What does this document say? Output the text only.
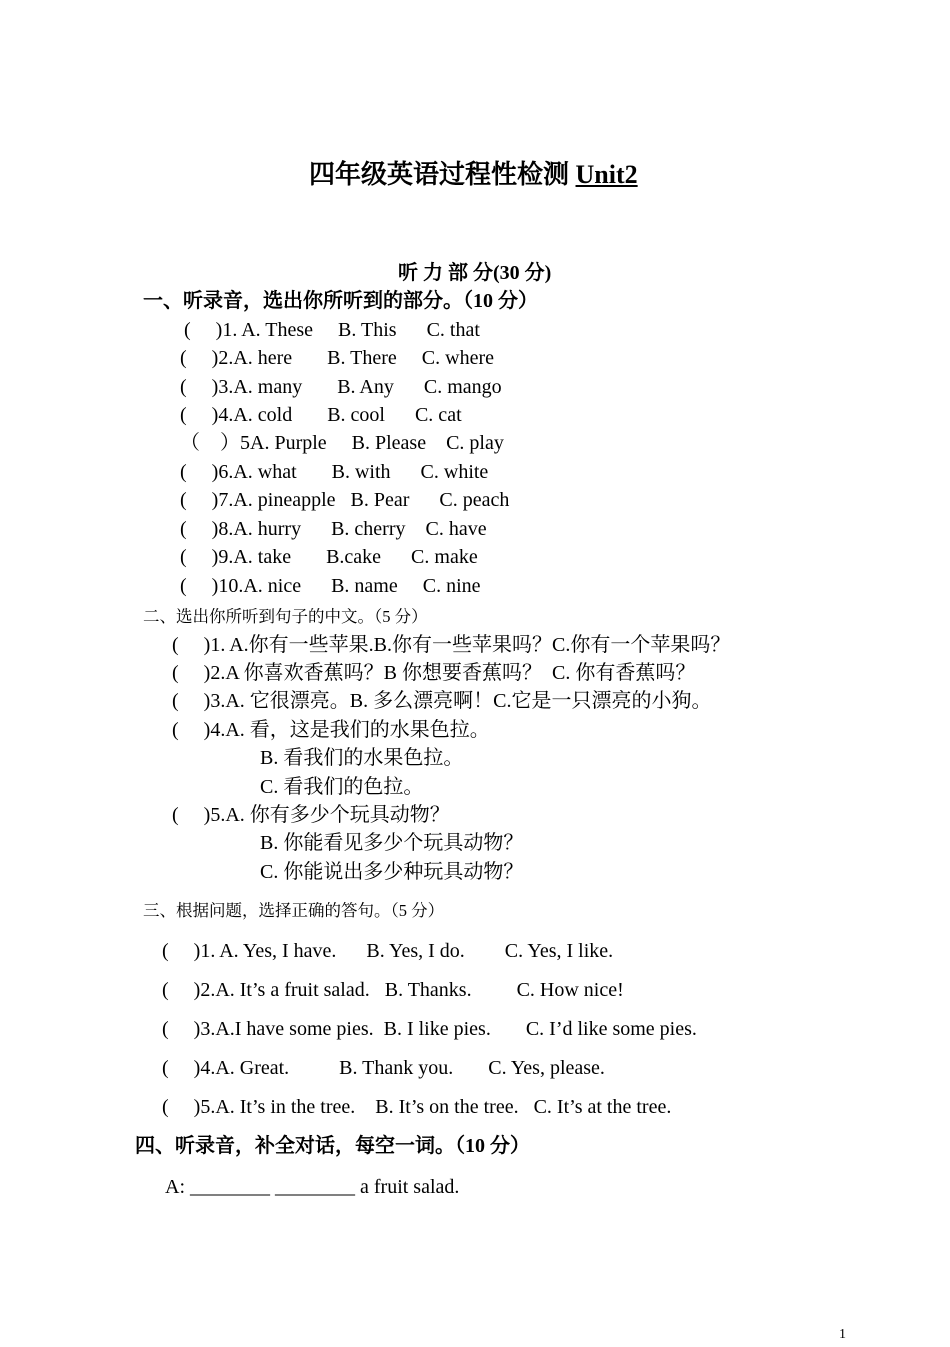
四年级英语过程性检测 Unit2
听 力 部 分(30 分)
一、听录音，选出你所听到的部分。（10 分）
(     )1. A. These     B. This      C. that
(     )2.A. here       B. There     C. where
(     )3.A. many       B. Any      C. mango
(     )4.A. cold       B. cool      C. cat
（    ）5A. Purple     B. Please    C. play
(     )6.A. what       B. with      C. white
(     )7.A. pineapple   B. Pear      C. peach
(     )8.A. hurry      B. cherry    C. have
(     )9.A. take       B.cake      C. make
(     )10.A. nice      B. name     C. nine
二、选出你所听到句子的中文。（5 分）
(     )1. A.你有一些苹果.B.你有一些苹果吗？C.你有一个苹果吗？
(     )2.A 你喜欢香蕉吗？B 你想要香蕉吗？  C. 你有香蕉吗？
(     )3.A. 它很漂亮。B. 多么漂亮啊！C.它是一只漂亮的小狗。
(     )4.A. 看，这是我们的水果色拉。
B. 看我们的水果色拉。
C. 看我们的色拉。
(     )5.A. 你有多少个玩具动物？
B. 你能看见多少个玩具动物？
C. 你能说出多少种玩具动物？
三、根据问题，选择正确的答句。（5 分）
(     )1. A. Yes, I have.      B. Yes, I do.        C. Yes, I like.
(     )2.A. It’s a fruit salad.   B. Thanks.         C. How nice!
(     )3.A.I have some pies.  B. I like pies.       C. I’d like some pies.
(     )4.A. Great.          B. Thank you.       C. Yes, please.
(     )5.A. It’s in the tree.    B. It’s on the tree.   C. It’s at the tree.
四、听录音，补全对话，每空一词。（10 分）
A: ________ ________ a fruit salad.
1
